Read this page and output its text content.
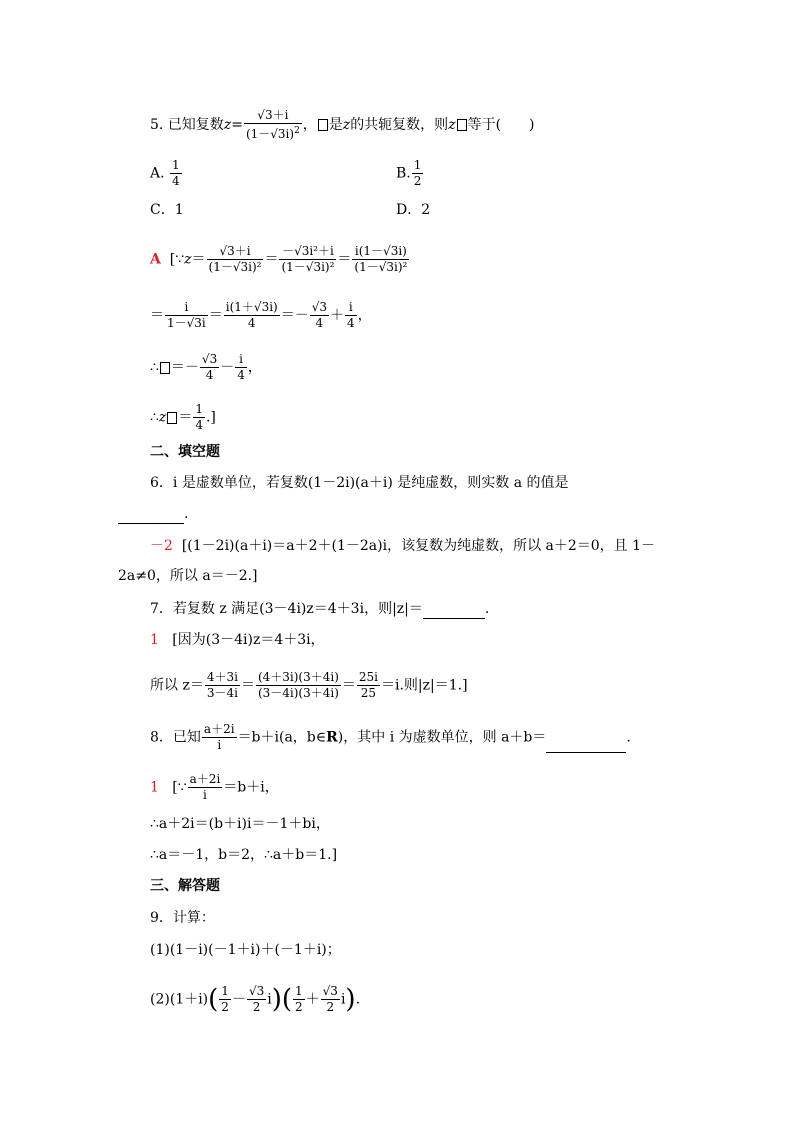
5. 已知复数$z= \frac{√3+i}{(1-√3i)^2}$ ， 是z的共轭复数，则z 等于(　　)
A. $\frac{1}{4}$	B. $\frac{1}{2}$
C．1	D．2
A [∵z＝ $\frac{√3+i}{\text{(1－√3i)²}} = \frac{\text{－√3i²＋i}}{\text{(1－√3i)²}} = \frac{i(1-√3i)}{\text{(1－√3i)²}}$
＝ $\frac{i}{1-√3i} = \frac{i(1+√3i)}{4} =- \frac{√3}{4} + \frac{i}{4}$ ，
∴ ＝－ $\frac{√3}{4} - \frac{i}{4}$ ，
∴z ＝ $\frac{1}{4}$ .]
二、填空题
6．i 是虚数单位，若复数(1－2i)(a＋i) 是纯虚数，则实数 a 的值是
.
－2 [(1－2i)(a＋i)＝a＋2＋(1－2a)i，该复数为纯虚数，所以 a＋2＝0，且 1－
2a≠0，所以 a＝－2.]
7．若复数 z 满足(3－4i)z＝4＋3i，则|z|＝	.
1 [因为(3－4i)z＝4＋3i，
所以 $z= \frac{4+3i}{3-4i} = \frac{(4+3i)(3+4i)}{(3-4i)(3+4i)} = \frac{25i}{25} =i$.则|z|＝1.]
8．已知 $\frac{a+2i}{i} =b+i(a$，b∈R)，其中 i 为虚数单位，则 a＋b＝	.
1 [∵ $\frac{a+2i}{i} =b+i$，
∴a＋2i＝(b＋i)i＝－1＋bi，
∴a＝－1，b＝2，∴a＋b＝1.]
三、解答题
9．计算：
(1)(1－i)(－1＋i)＋(－1＋i)；
$(2)(1+i)( \frac{1}{2} - \frac{√3}{2} i)( \frac{1}{2} + \frac{√3}{2} i)$.
